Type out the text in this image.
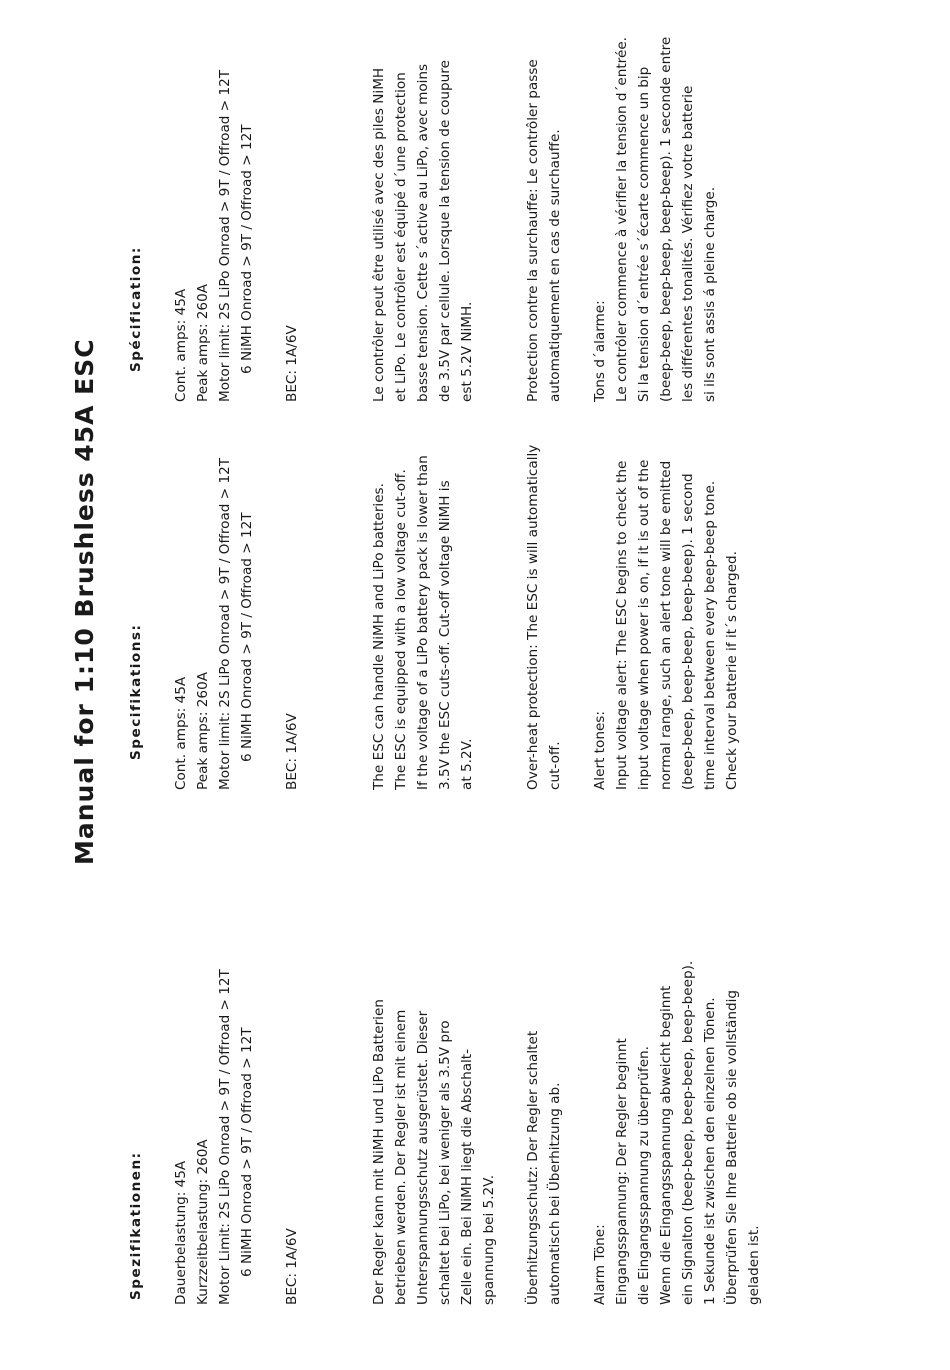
Manual for 1:10 Brushless 45A ESC
Spezifikationen: Dauerbelastung: 45A Kurzzeitbelastung: 260A Motor Limit: 2S LiPo Onroad > 9T / Offroad > 12T 6 NiMH Onroad > 9T / Offroad > 12T BEC: 1A/6V	Der Regler kann mit NiMH und LiPo Batterien betrieben werden. Der Regler ist mit einem Unterspannungsschutz ausgerüstet. Dieser schaltet bei LiPo, bei weniger als 3.5V pro Zelle ein. Bei NiMH liegt die Abschalt- spannung bei 5.2V. Überhitzungsschutz: Der Regler schaltet automatisch bei Überhitzung ab. Alarm Töne: Eingangsspannung: Der Regler beginnt die Eingangsspannung zu überprüfen. Wenn die Eingangsspannung abweicht beginnt ein Signalton (beep-beep, beep-beep, beep-beep). 1 Sekunde ist zwischen den einzelnen Tönen. Überprüfen Sie Ihre Batterie ob sie vollständig geladen ist.
Specifikations: Cont. amps: 45A Peak amps: 260A Motor limit: 2S LiPo Onroad > 9T / Offroad > 12T 6 NiMH Onroad > 9T / Offroad > 12T BEC: 1A/6V	The ESC can handle NiMH and LiPo batteries. The ESC is equipped with a low voltage cut-off. If the voltage of a LiPo battery pack is lower than 3.5V the ESC cuts-off. Cut-off voltage NiMH is at 5.2V.	Over-heat protection: The ESC is will automatically cut-off. Alert tones: Input voltage alert: The ESC begins to check the input voltage when power is on, if it is out of the normal range, such an alert tone will be emitted (beep-beep, beep-beep, beep-beep). 1 second time interval between every beep-beep tone. Check your batterie if it´s charged.
Spécification: Cont. amps: 45A Peak amps: 260A Motor limit: 2S LiPo Onroad > 9T / Offroad > 12T 6 NiMH Onroad > 9T / Offroad > 12T BEC: 1A/6V	Le contrôler peut être utilisé avec des piles NiMH et LiPo. Le contrôler est équipé d´une protection basse tension. Cette s´active au LiPo, avec moins de 3.5V par cellule. Lorsque la tension de coupure est 5.2V NiMH.	Protection contre la surchauffe: Le contrôler passe automatiquement en cas de surchauffe. Tons d´alarme: Le contrôler commence à vérifier la tension d´entrée. Si la tension d´entrée s´écarte commence un bip (beep-beep, beep-beep, beep-beep). 1 seconde entre les différentes tonalités. Vérifiez votre batterie si ils sont assis á pleine charge.
